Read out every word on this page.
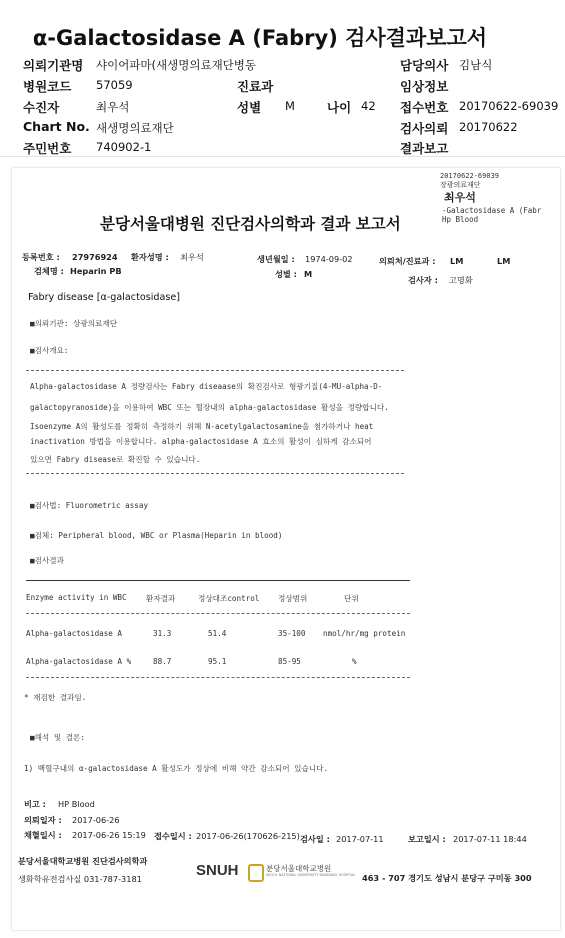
α-Galactosidase A (Fabry) 검사결과보고서
의뢰기관명 샤이어파마(새생명의료재단병동	담당의사 김남식
병원코드 57059	진료과	임상정보
수진자	최우석	성별 M	나이 42 접수번호 20170622-69039
Chart No. 새생명의료재단	검사의뢰 20170622
주민번호 740902-1	결과보고
20170622-69039
장광의료재단
최우석
-Galactosidase A (Fabr
Hp Blood
분당서울대병원 진단검사의학과 결과 보고서
등록번호 : 27976924 환자성명 : 최우석	생년월일 : 1974-09-02	의뢰처/진료과 : LM	LM
검체명 : Heparin PB	성별 : M
검사자 : 고명화
Fabry disease [α-galactosidase]
■의뢰기관: 상광의료재단
■검사개요:
Alpha-galactosidase A 정량검사는 Fabry diseaase의 확진검사로 형광기질(4-MU-alpha-D-
galactopyranoside)을 이용하여 WBC 또는 혈장내의 alpha-galactosidase 활성을 정량합니다.
Isoenzyme A의 활성도를 정확히 측정하기 위해 N-acetylgalactosamine을 첨가하거나 heat
inactivation 방법을 이용합니다. alpha-galactosidase A 효소의 활성이 심하게 감소되어
있으면 Fabry disease로 확진할 수 있습니다.
■검사법: Fluorometric assay
■검체: Peripheral blood, WBC or Plasma(Heparin in blood)
■검사결과
Enzyme activity in WBC	환자결과	정상대조control 정상범위	단위
Alpha-galactosidase A	31.3	51.4	35-100 nmol/hr/mg protein
Alpha-galactosidase A %	88.7	95.1	85-95	%
* 재검한 결과임.
■해석 및 결론:
1) 백혈구내의 α-galactosidase A 활성도가 정상에 비해 약간 감소되어 있습니다.
비고 : HP Blood
의뢰일자 : 2017-06-26
채혈일시 : 2017-06-26 15:19 접수일시 : 2017-06-26(170626-215) 검사일 : 2017-07-11	보고일시 : 2017-07-11 18:44
분당서울대학교병원 진단검사의학과
생화학유전검사실 031-787-3181	SNUH	분당서울대학교병원
SEOUL NATIONAL UNIVERSITY BUNDANG HOSPITAL 463 - 707 경기도 성남시 분당구 구미동 300
